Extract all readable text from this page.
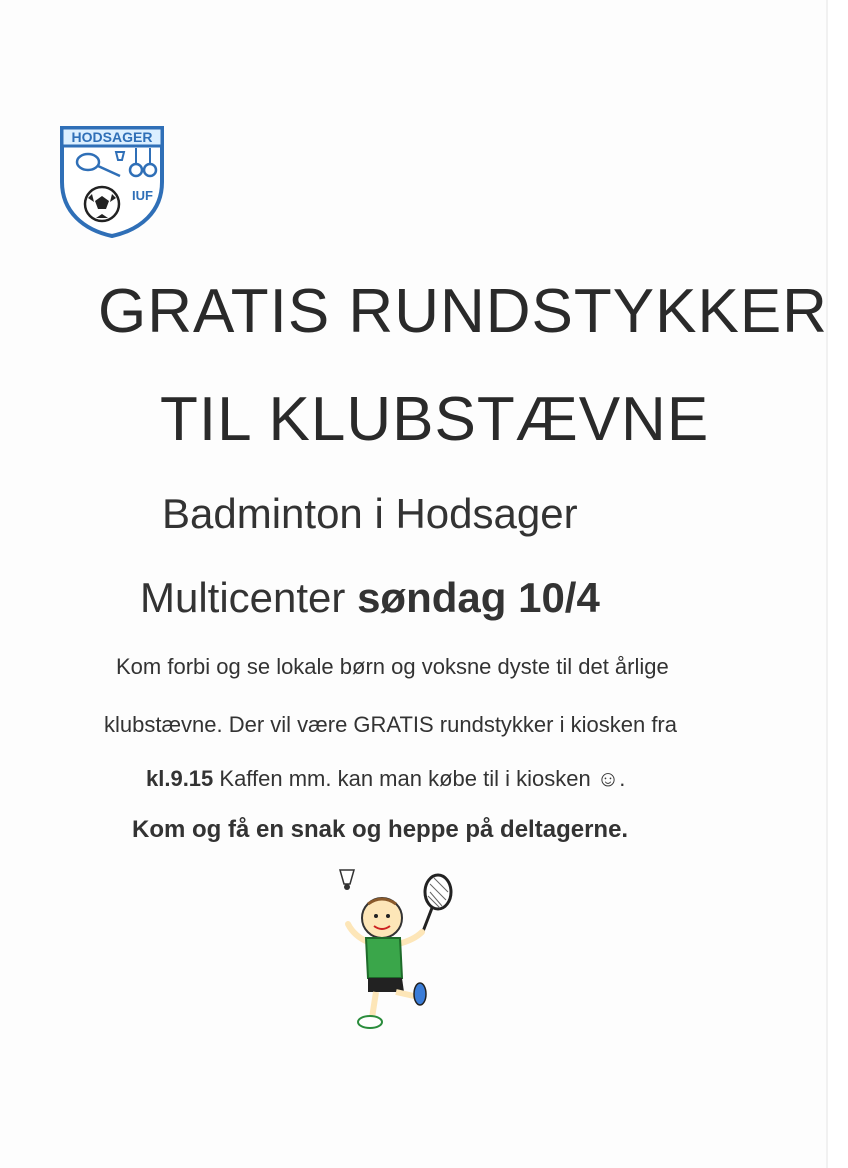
HODSAGER
IUF
GRATIS RUNDSTYKKER
TIL KLUBSTÆVNE
Badminton i Hodsager
Multicenter søndag 10/4
Kom forbi og se lokale børn og voksne dyste til det årlige
klubstævne. Der vil være GRATIS rundstykker i kiosken fra
kl.9.15 Kaffen mm. kan man købe til i kiosken ☺.
Kom og få en snak og heppe på deltagerne.
